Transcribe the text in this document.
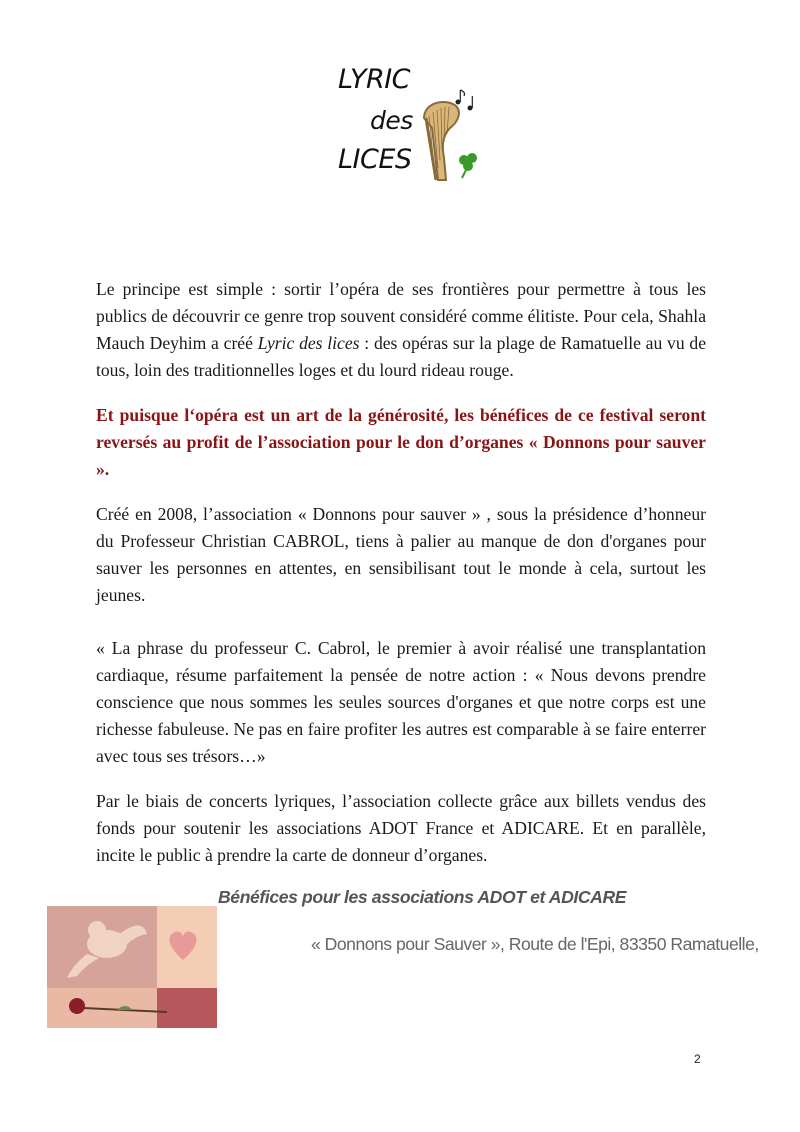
LYRIC
des
LICES

Le principe est simple : sortir l’opéra de ses frontières pour permettre à tous les publics de découvrir ce genre trop souvent considéré comme élitiste. Pour cela, Shahla Mauch Deyhim a créé Lyric des lices : des opéras sur la plage de Ramatuelle au vu de tous, loin des traditionnelles loges et du lourd rideau rouge.

Et puisque l‘opéra est un art de la générosité, les bénéfices de ce festival seront reversés au profit de l’association pour le don d’organes « Donnons pour sauver ».

Créé en 2008, l’association « Donnons pour sauver » , sous la présidence d’honneur du Professeur Christian CABROL, tiens à palier au manque de don d'organes pour sauver les personnes en attentes, en sensibilisant tout le monde à cela, surtout les jeunes.

« La phrase du professeur C. Cabrol, le premier à avoir réalisé une transplantation cardiaque, résume parfaitement la pensée de notre action : « Nous devons prendre conscience que nous sommes les seules sources d'organes et que notre corps est une richesse fabuleuse. Ne pas en faire profiter les autres est comparable à se faire enterrer avec tous ses trésors…»

Par le biais de concerts lyriques, l’association collecte grâce aux billets vendus des fonds pour soutenir les associations ADOT France et ADICARE. Et en parallèle, incite le public à prendre la carte de donneur d’organes.

Bénéfices pour les associations ADOT et ADICARE
« Donnons pour Sauver », Route de l'Epi, 83350 Ramatuelle,
2
